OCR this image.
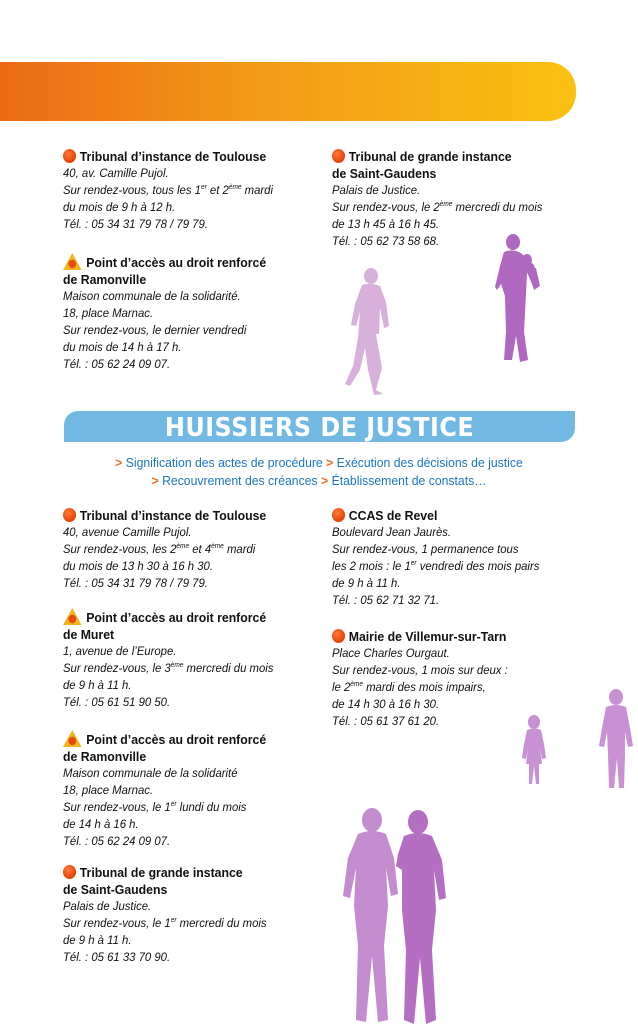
Tribunal d’instance de Toulouse
40, av. Camille Pujol.
Sur rendez-vous, tous les 1er et 2ème mardi
du mois de 9 h à 12 h.
Tél. : 05 34 31 79 78 / 79 79.
Point d’accès au droit renforcé
de Ramonville
Maison communale de la solidarité.
18, place Marnac.
Sur rendez-vous, le dernier vendredi
du mois de 14 h à 17 h.
Tél. : 05 62 24 09 07.
Tribunal de grande instance
de Saint-Gaudens
Palais de Justice.
Sur rendez-vous, le 2ème mercredi du mois
de 13 h 45 à 16 h 45.
Tél. : 05 62 73 58 68.
HUISSIERS DE JUSTICE
> Signification des actes de procédure > Exécution des décisions de justice
> Recouvrement des créances > Établissement de constats…
Tribunal d’instance de Toulouse
40, avenue Camille Pujol.
Sur rendez-vous, les 2ème et 4ème mardi
du mois de 13 h 30 à 16 h 30.
Tél. : 05 34 31 79 78 / 79 79.
Point d’accès au droit renforcé
de Muret
1, avenue de l’Europe.
Sur rendez-vous, le 3ème mercredi du mois
de 9 h à 11 h.
Tél. : 05 61 51 90 50.
Point d’accès au droit renforcé
de Ramonville
Maison communale de la solidarité
18, place Marnac.
Sur rendez-vous, le 1er lundi du mois
de 14 h à 16 h.
Tél. : 05 62 24 09 07.
Tribunal de grande instance
de Saint-Gaudens
Palais de Justice.
Sur rendez-vous, le 1er mercredi du mois
de 9 h à 11 h.
Tél. : 05 61 33 70 90.
CCAS de Revel
Boulevard Jean Jaurès.
Sur rendez-vous, 1 permanence tous
les 2 mois : le 1er vendredi des mois pairs
de 9 h à 11 h.
Tél. : 05 62 71 32 71.
Mairie de Villemur-sur-Tarn
Place Charles Ourgaut.
Sur rendez-vous, 1 mois sur deux :
le 2ème mardi des mois impairs,
de 14 h 30 à 16 h 30.
Tél. : 05 61 37 61 20.
